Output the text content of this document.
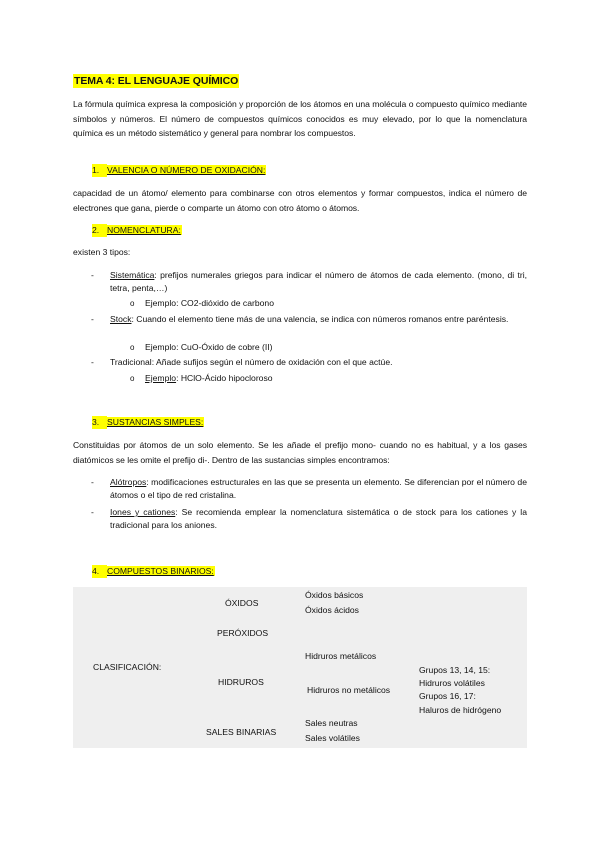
TEMA 4: EL LENGUAJE QUÍMICO
La fórmula química expresa la composición y proporción de los átomos en una molécula o compuesto químico mediante símbolos y números. El número de compuestos químicos conocidos es muy elevado, por lo que la nomenclatura química es un método sistemático y general para nombrar los compuestos.
1. VALENCIA O NÚMERO DE OXIDACIÓN:
capacidad de un átomo/ elemento para combinarse con otros elementos y formar compuestos, indica el número de electrones que gana, pierde o comparte un átomo con otro átomo o átomos.
2. NOMENCLATURA:
existen 3 tipos:
- Sistemática: prefijos numerales griegos para indicar el número de átomos de cada elemento. (mono, di tri, tetra, penta,…)
o Ejemplo: CO2-dióxido de carbono
- Stock: Cuando el elemento tiene más de una valencia, se indica con números romanos entre paréntesis.
o Ejemplo: CuO-Óxido de cobre (II)
- Tradicional: Añade sufijos según el número de oxidación con el que actúe.
o Ejemplo: HClO-Ácido hipocloroso
3. SUSTANCIAS SIMPLES:
Constituidas por átomos de un solo elemento. Se les añade el prefijo mono- cuando no es habitual, y a los gases diatómicos se les omite el prefijo di-. Dentro de las sustancias simples encontramos:
- Alótropos: modificaciones estructurales en las que se presenta un elemento. Se diferencian por el número de átomos o el tipo de red cristalina.
- Iones y cationes: Se recomienda emplear la nomenclatura sistemática o de stock para los cationes y la tradicional para los aniones.
4. COMPUESTOS BINARIOS:
CLASIFICACIÓN:
ÓXIDOS
Óxidos básicos
Óxidos ácidos
PERÓXIDOS
HIDRUROS
Hidruros metálicos
Hidruros no metálicos
Grupos 13, 14, 15:
Hidruros volátiles
Grupos 16, 17:
Haluros de hidrógeno
SALES BINARIAS
Sales neutras
Sales volátiles
